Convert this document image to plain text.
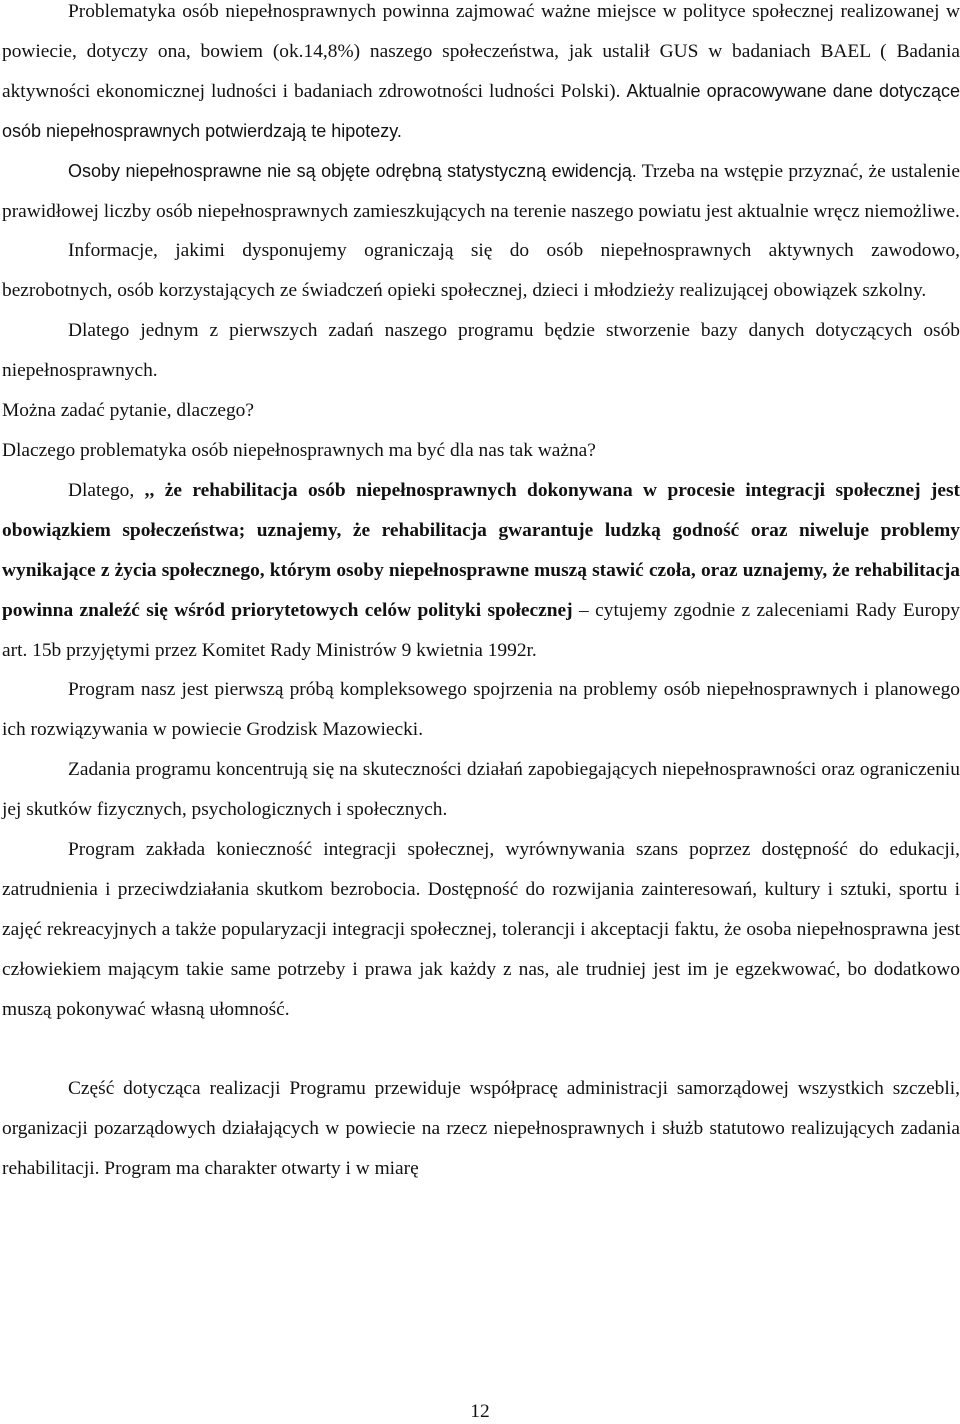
Problematyka osób niepełnosprawnych powinna zajmować ważne miejsce w polityce społecznej realizowanej w powiecie, dotyczy ona, bowiem (ok.14,8%) naszego społeczeństwa, jak ustalił GUS w badaniach BAEL ( Badania aktywności ekonomicznej ludności i badaniach zdrowotności ludności Polski). Aktualnie opracowywane dane dotyczące osób niepełnosprawnych potwierdzają te hipotezy.

Osoby niepełnosprawne nie są objęte odrębną statystyczną ewidencją. Trzeba na wstępie przyznać, że ustalenie prawidłowej liczby osób niepełnosprawnych zamieszkujących na terenie naszego powiatu jest aktualnie wręcz niemożliwe.

Informacje, jakimi dysponujemy ograniczają się do osób niepełnosprawnych aktywnych zawodowo, bezrobotnych, osób korzystających ze świadczeń opieki społecznej, dzieci i młodzieży realizującej obowiązek szkolny.

Dlatego jednym z pierwszych zadań naszego programu będzie stworzenie bazy danych dotyczących osób niepełnosprawnych.

Można zadać pytanie, dlaczego?

Dlaczego problematyka osób niepełnosprawnych ma być dla nas tak ważna?

Dlatego, ,, że rehabilitacja osób niepełnosprawnych dokonywana w procesie integracji społecznej jest obowiązkiem społeczeństwa; uznajemy, że rehabilitacja gwarantuje ludzką godność oraz niweluje problemy wynikające z życia społecznego, którym osoby niepełnosprawne muszą stawić czoła, oraz uznajemy, że rehabilitacja powinna znaleźć się wśród priorytetowych celów polityki społecznej – cytujemy zgodnie z zaleceniami Rady Europy art. 15b przyjętymi przez Komitet Rady Ministrów 9 kwietnia 1992r.

Program nasz jest pierwszą próbą kompleksowego spojrzenia na problemy osób niepełnosprawnych i planowego ich rozwiązywania w powiecie Grodzisk Mazowiecki.

Zadania programu koncentrują się na skuteczności działań zapobiegających niepełnosprawności oraz ograniczeniu jej skutków fizycznych, psychologicznych i społecznych.

Program zakłada konieczność integracji społecznej, wyrównywania szans poprzez dostępność do edukacji, zatrudnienia i przeciwdziałania skutkom bezrobocia. Dostępność do rozwijania zainteresowań, kultury i sztuki, sportu i zajęć rekreacyjnych a także popularyzacji integracji społecznej, tolerancji i akceptacji faktu, że osoba niepełnosprawna jest człowiekiem mającym takie same potrzeby i prawa jak każdy z nas, ale trudniej jest im je egzekwować, bo dodatkowo muszą pokonywać własną ułomność.

Część dotycząca realizacji Programu przewiduje współpracę administracji samorządowej wszystkich szczebli, organizacji pozarządowych działających w powiecie na rzecz niepełnosprawnych i służb statutowo realizujących zadania rehabilitacji. Program ma charakter otwarty i w miarę

12
